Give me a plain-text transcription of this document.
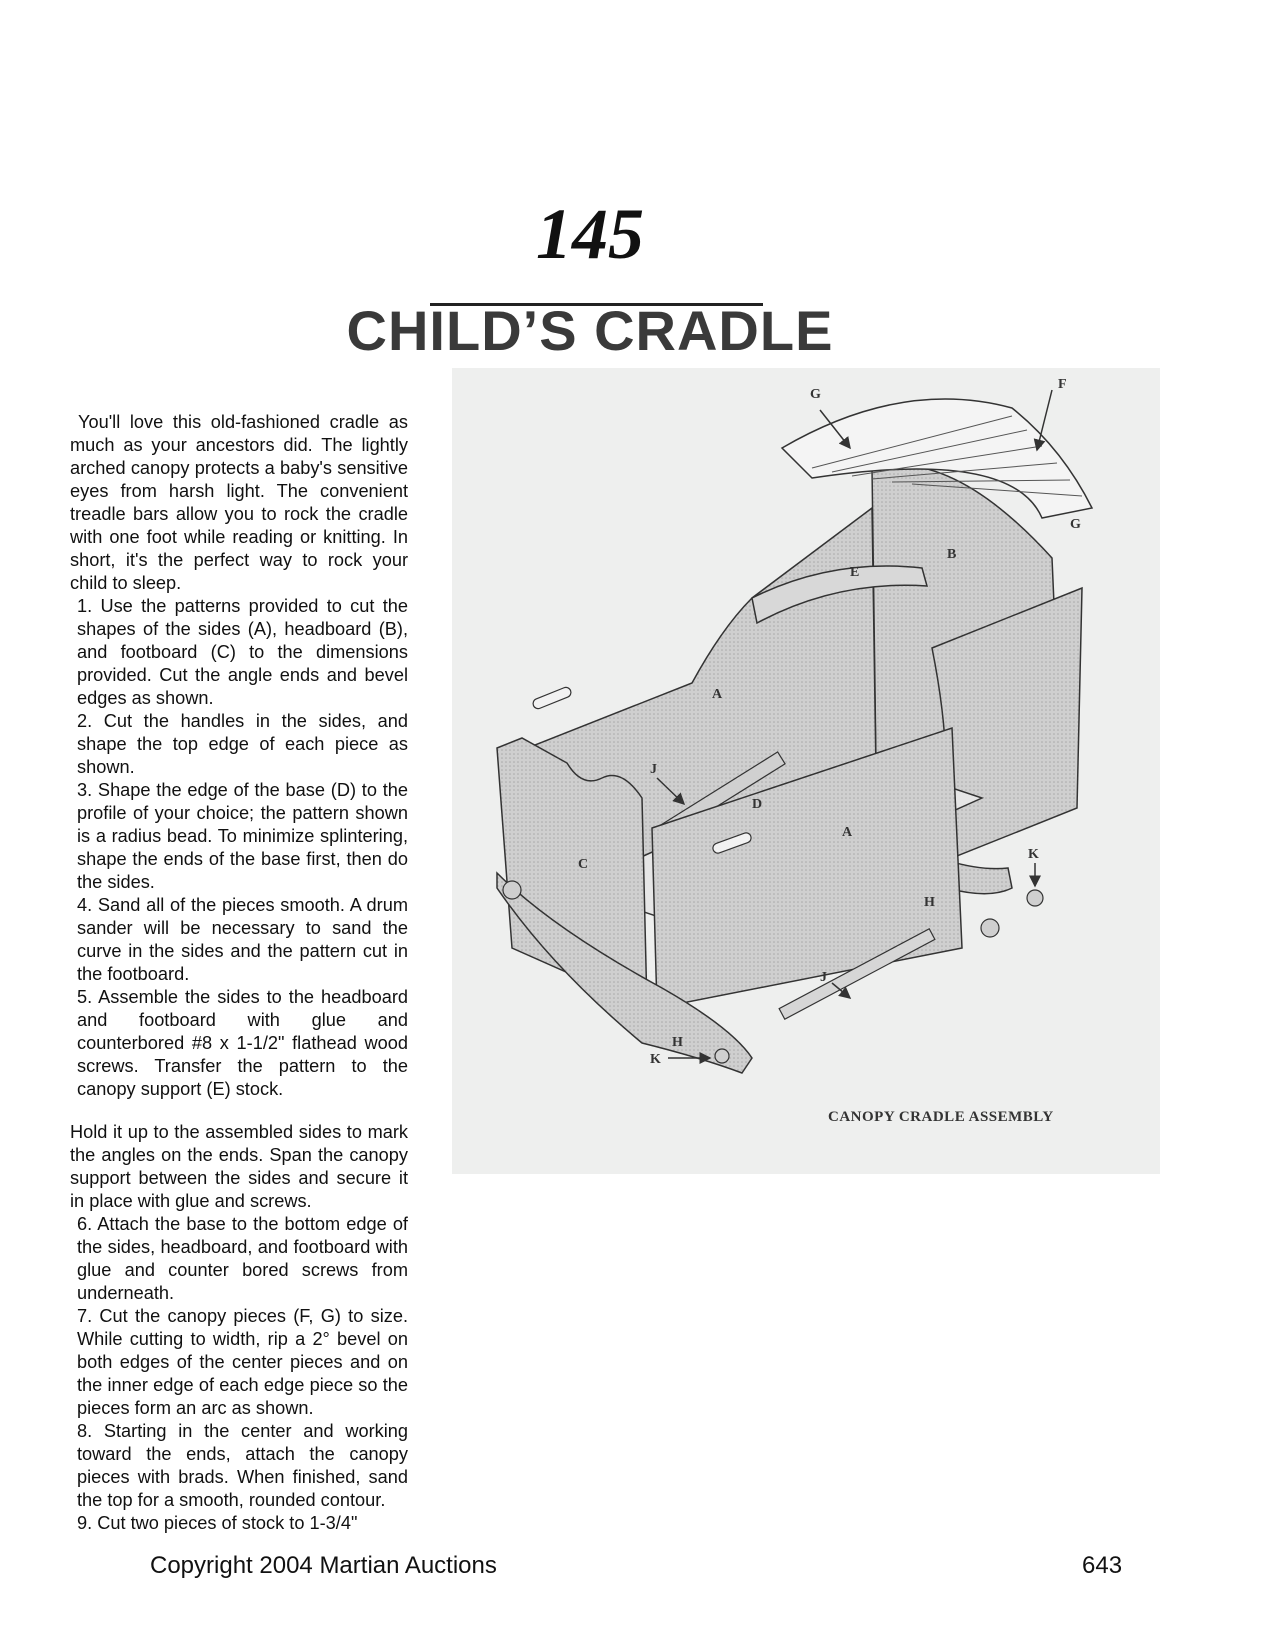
145
CHILD’S CRADLE

You'll love this old-fashioned cradle as much as your ancestors did. The lightly arched canopy protects a baby's sensitive eyes from harsh light. The convenient treadle bars allow you to rock the cradle with one foot while reading or knitting. In short, it's the perfect way to rock your child to sleep.

1. Use the patterns provided to cut the shapes of the sides (A), headboard (B), and footboard (C) to the dimensions provided. Cut the angle ends and bevel edges as shown.

2. Cut the handles in the sides, and shape the top edge of each piece as shown.

3. Shape the edge of the base (D) to the profile of your choice; the pattern shown is a radius bead. To minimize splintering, shape the ends of the base first, then do the sides.

4. Sand all of the pieces smooth. A drum sander will be necessary to sand the curve in the sides and the pattern cut in the footboard.

5. Assemble the sides to the headboard and footboard with glue and counterbored #8 x 1-1/2" flathead wood screws. Transfer the pattern to the canopy support (E) stock.

Hold it up to the assembled sides to mark the angles on the ends. Span the canopy support between the sides and secure it in place with glue and screws.

6. Attach the base to the bottom edge of the sides, headboard, and footboard with glue and counter bored screws from underneath.

7. Cut the canopy pieces (F, G) to size. While cutting to width, rip a 2° bevel on both edges of the center pieces and on the inner edge of each edge piece so the pieces form an arc as shown.

8. Starting in the center and working toward the ends, attach the canopy pieces with brads. When finished, sand the top for a smooth, rounded contour.

9. Cut two pieces of stock to 1-3/4"

G
F
G
B
E
A
J
D
A
K
C
H
J
H
K
CANOPY CRADLE ASSEMBLY
Copyright 2004 Martian Auctions	643
